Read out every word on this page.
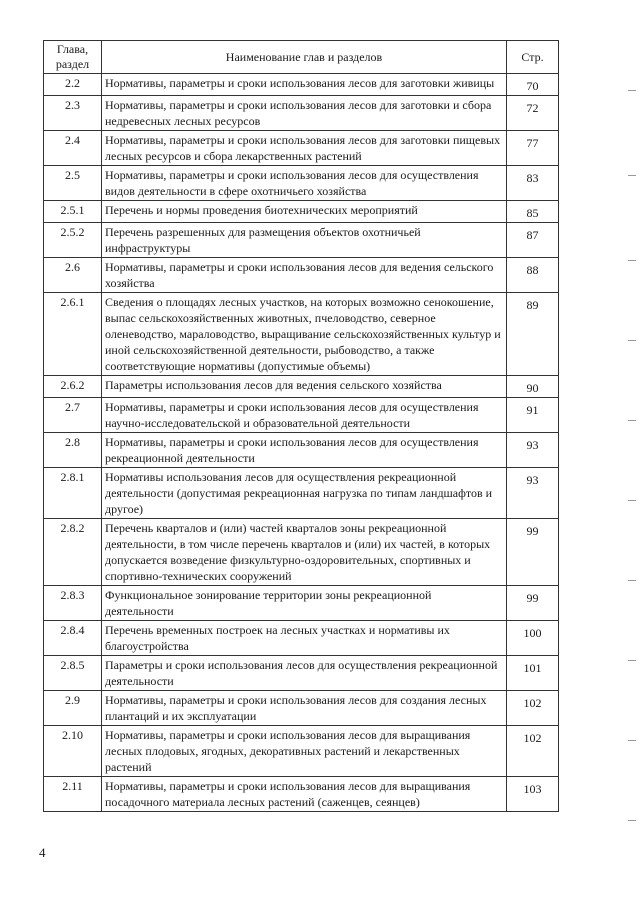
Глава, раздел	Наименование глав и разделов	Стр.
2.2	Нормативы, параметры и сроки использования лесов для заготовки живицы	70
2.3	Нормативы, параметры и сроки использования лесов для заготовки и сбора недревесных лесных ресурсов	72
2.4	Нормативы, параметры и сроки использования лесов для заготовки пищевых лесных ресурсов и сбора лекарственных растений	77
2.5	Нормативы, параметры и сроки использования лесов для осуществления видов деятельности в сфере охотничьего хозяйства	83
2.5.1	Перечень и нормы проведения биотехнических мероприятий	85
2.5.2	Перечень разрешенных для размещения объектов охотничьей инфраструктуры	87
2.6	Нормативы, параметры и сроки использования лесов для ведения сельского хозяйства	88
2.6.1	Сведения о площадях лесных участков, на которых возможно сенокошение, выпас сельскохозяйственных животных, пчеловодство, северное оленеводство, мараловодство, выращивание сельскохозяйственных культур и иной сельскохозяйственной деятельности, рыбоводство, а также соответствующие нормативы (допустимые объемы)	89
2.6.2	Параметры использования лесов для ведения сельского хозяйства	90
2.7	Нормативы, параметры и сроки использования лесов для осуществления научно-исследовательской и образовательной деятельности	91
2.8	Нормативы, параметры и сроки использования лесов для осуществления рекреационной деятельности	93
2.8.1	Нормативы использования лесов для осуществления рекреационной деятельности (допустимая рекреационная нагрузка по типам ландшафтов и другое)	93
2.8.2	Перечень кварталов и (или) частей кварталов зоны рекреационной деятельности, в том числе перечень кварталов и (или) их частей, в которых допускается возведение физкультурно-оздоровительных, спортивных и спортивно-технических сооружений	99
2.8.3	Функциональное зонирование территории зоны рекреационной деятельности	99
2.8.4	Перечень временных построек на лесных участках и нормативы их благоустройства	100
2.8.5	Параметры и сроки использования лесов для осуществления рекреационной деятельности	101
2.9	Нормативы, параметры и сроки использования лесов для создания лесных плантаций и их эксплуатации	102
2.10	Нормативы, параметры и сроки использования лесов для выращивания лесных плодовых, ягодных, декоративных растений и лекарственных растений	102
2.11	Нормативы, параметры и сроки использования лесов для выращивания посадочного материала лесных растений (саженцев, сеянцев)	103
4
